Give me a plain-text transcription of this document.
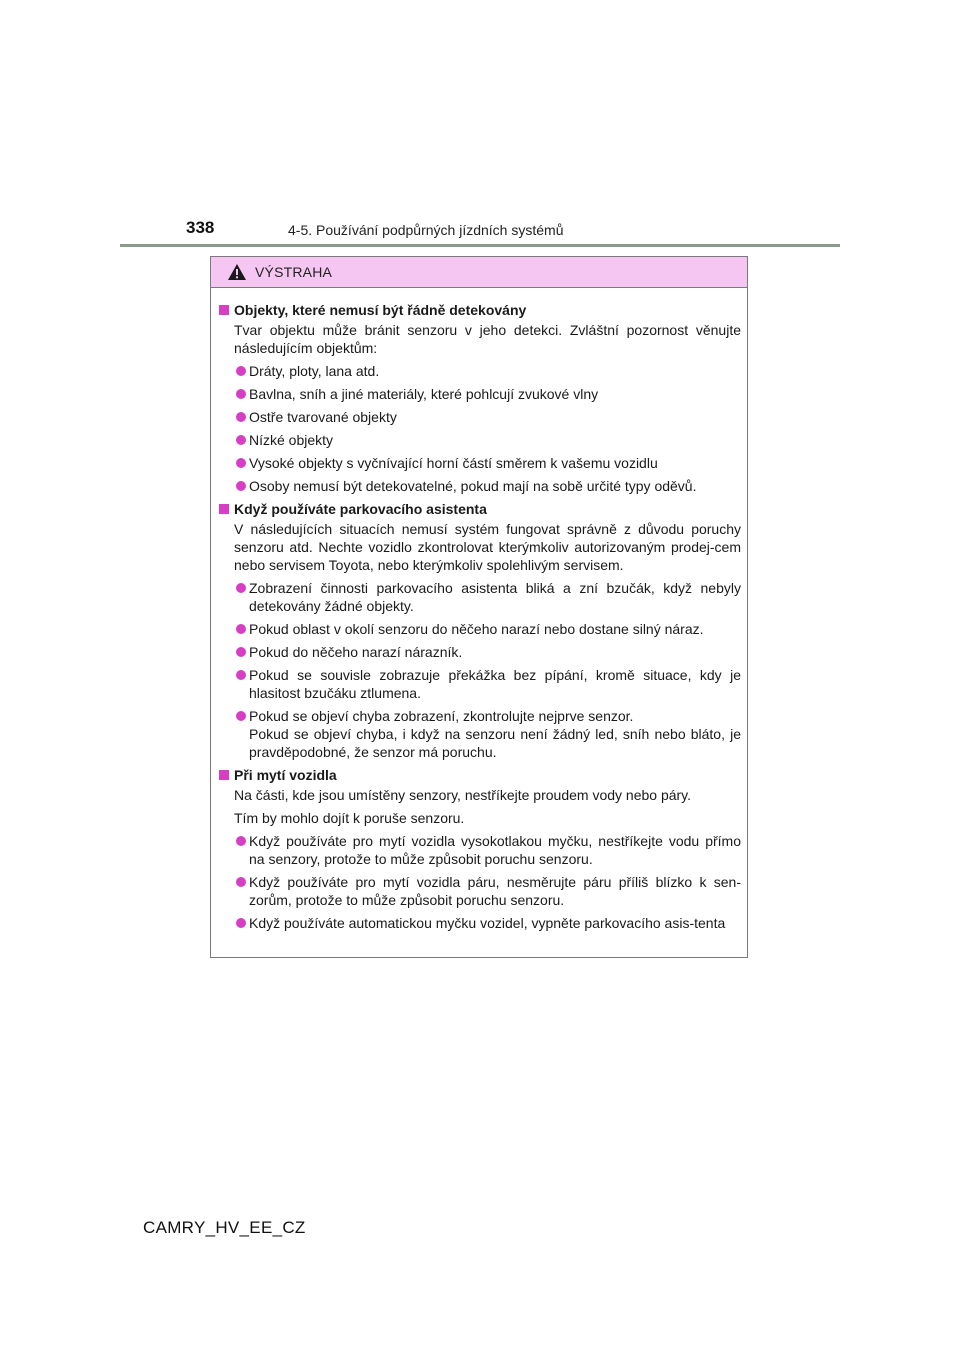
338	4-5. Používání podpůrných jízdních systémů
VÝSTRAHA
Objekty, které nemusí být řádně detekovány
Tvar objektu může bránit senzoru v jeho detekci. Zvláštní pozornost věnujte následujícím objektům:
Dráty, ploty, lana atd.
Bavlna, sníh a jiné materiály, které pohlcují zvukové vlny
Ostře tvarované objekty
Nízké objekty
Vysoké objekty s vyčnívající horní částí směrem k vašemu vozidlu
Osoby nemusí být detekovatelné, pokud mají na sobě určité typy oděvů.
Když používáte parkovacího asistenta
V následujících situacích nemusí systém fungovat správně z důvodu poruchy senzoru atd. Nechte vozidlo zkontrolovat kterýmkoliv autorizovaným prodej-cem nebo servisem Toyota, nebo kterýmkoliv spolehlivým servisem.
Zobrazení činnosti parkovacího asistenta bliká a zní bzučák, když nebyly detekovány žádné objekty.
Pokud oblast v okolí senzoru do něčeho narazí nebo dostane silný náraz.
Pokud do něčeho narazí nárazník.
Pokud se souvisle zobrazuje překážka bez pípání, kromě situace, kdy je hlasitost bzučáku ztlumena.
Pokud se objeví chyba zobrazení, zkontrolujte nejprve senzor.
Pokud se objeví chyba, i když na senzoru není žádný led, sníh nebo bláto, je pravděpodobné, že senzor má poruchu.
Při mytí vozidla
Na části, kde jsou umístěny senzory, nestříkejte proudem vody nebo páry.
Tím by mohlo dojít k poruše senzoru.
Když používáte pro mytí vozidla vysokotlakou myčku, nestříkejte vodu přímo na senzory, protože to může způsobit poruchu senzoru.
Když používáte pro mytí vozidla páru, nesměrujte páru příliš blízko k sen-zorům, protože to může způsobit poruchu senzoru.
Když používáte automatickou myčku vozidel, vypněte parkovacího asis-tenta
CAMRY_HV_EE_CZ
